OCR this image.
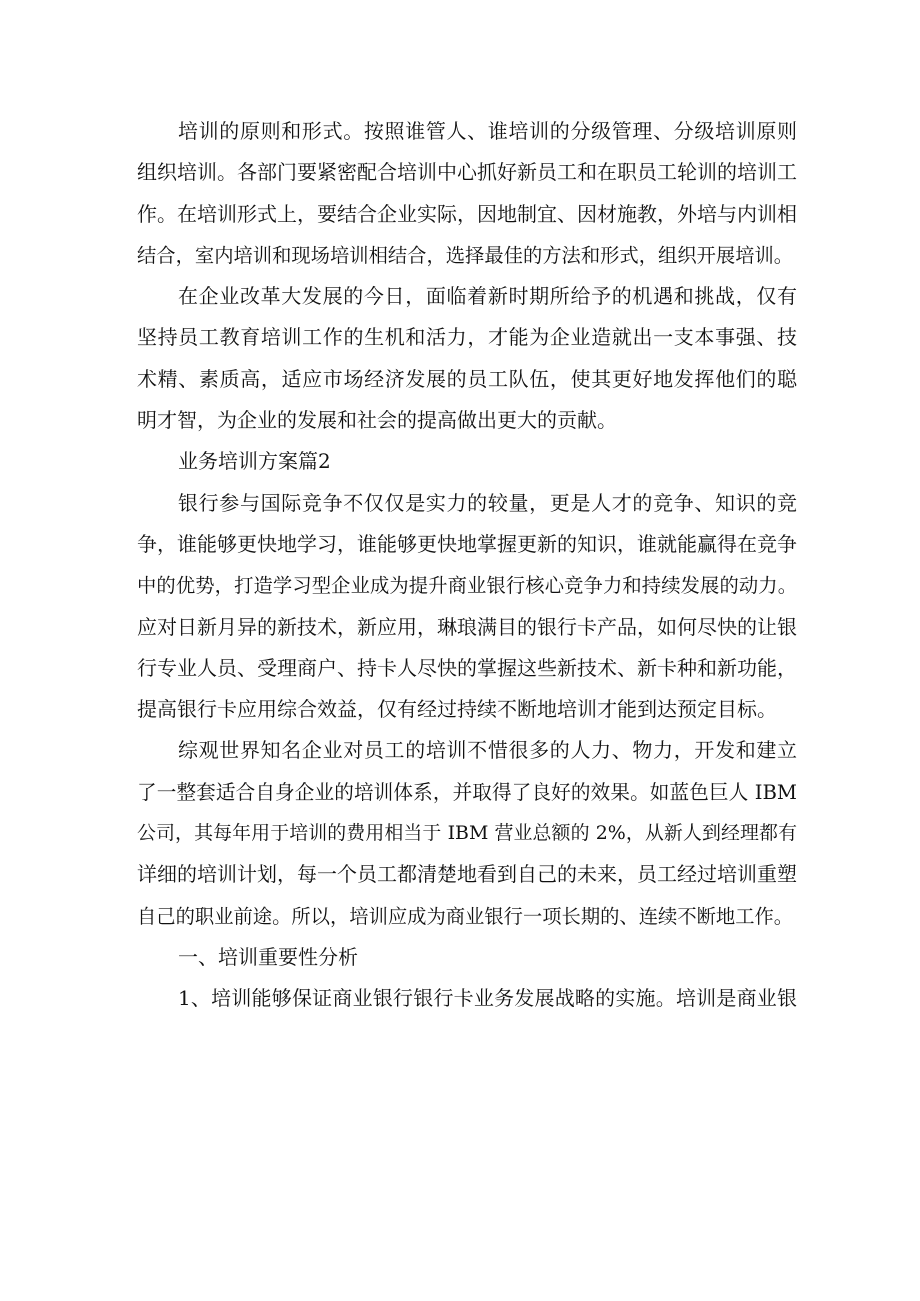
培训的原则和形式。按照谁管人、谁培训的分级管理、分级培训原则
组织培训。各部门要紧密配合培训中心抓好新员工和在职员工轮训的培训工
作。在培训形式上，要结合企业实际，因地制宜、因材施教，外培与内训相
结合，室内培训和现场培训相结合，选择最佳的方法和形式，组织开展培训。
在企业改革大发展的今日，面临着新时期所给予的机遇和挑战，仅有
坚持员工教育培训工作的生机和活力，才能为企业造就出一支本事强、技
术精、素质高，适应市场经济发展的员工队伍，使其更好地发挥他们的聪
明才智，为企业的发展和社会的提高做出更大的贡献。
业务培训方案篇2
银行参与国际竞争不仅仅是实力的较量，更是人才的竞争、知识的竞
争，谁能够更快地学习，谁能够更快地掌握更新的知识，谁就能赢得在竞争
中的优势，打造学习型企业成为提升商业银行核心竞争力和持续发展的动力。
应对日新月异的新技术，新应用，琳琅满目的银行卡产品，如何尽快的让银
行专业人员、受理商户、持卡人尽快的掌握这些新技术、新卡种和新功能，
提高银行卡应用综合效益，仅有经过持续不断地培训才能到达预定目标。
综观世界知名企业对员工的培训不惜很多的人力、物力，开发和建立
了一整套适合自身企业的培训体系，并取得了良好的效果。如蓝色巨人 IBM
公司，其每年用于培训的费用相当于 IBM 营业总额的 2%，从新人到经理都有
详细的培训计划，每一个员工都清楚地看到自己的未来，员工经过培训重塑
自己的职业前途。所以，培训应成为商业银行一项长期的、连续不断地工作。
一、培训重要性分析
1、培训能够保证商业银行银行卡业务发展战略的实施。培训是商业银
